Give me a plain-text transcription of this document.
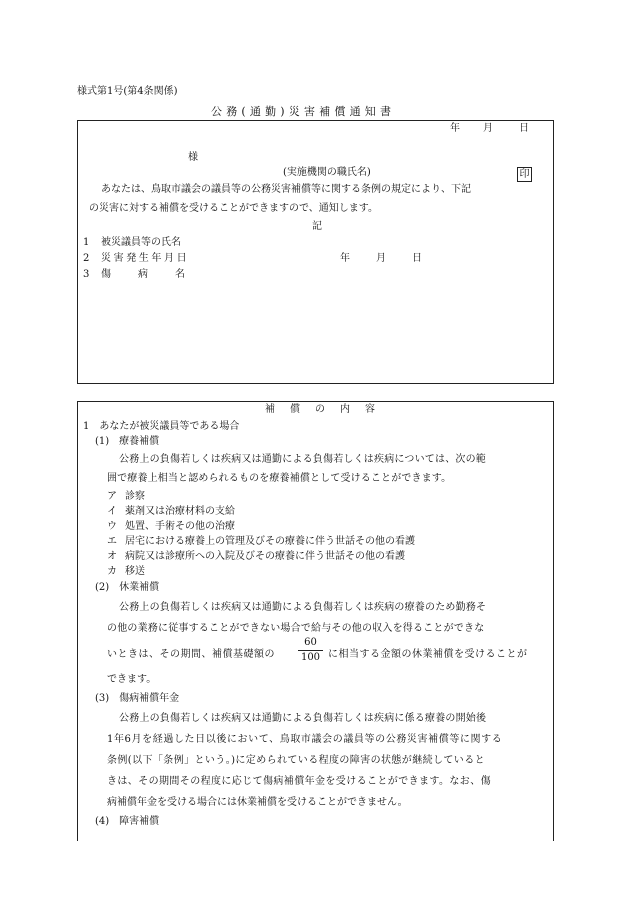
様式第1号(第4条関係)
公務(通勤)災害補償通知書
年 月	日
様
(実施機関の職氏名)	印
あなたは、鳥取市議会の議員等の公務災害補償等に関する条例の規定により、下記
の災害に対する補償を受けることができますので、通知します。
記
1 被災議員等の氏名
2 災害発生年月日	年	月	日
3 傷病名
補償の内容
1　あなたが被災議員等である場合
(1)　療養補償
公務上の負傷若しくは疾病又は通勤による負傷若しくは疾病については、次の範
囲で療養上相当と認められるものを療養補償として受けることができます。
ア 診察
イ 薬剤又は治療材料の支給
ウ 処置、手術その他の治療
エ 居宅における療養上の管理及びその療養に伴う世話その他の看護
オ 病院又は診療所への入院及びその療養に伴う世話その他の看護
カ 移送
(2)　休業補償
公務上の負傷若しくは疾病又は通勤による負傷若しくは疾病の療養のため勤務そ
の他の業務に従事することができない場合で給与その他の収入を得ることができな
いときは、その期間、補償基礎額の
60
100 に相当する金額の休業補償を受けることが
できます。
(3)　傷病補償年金
公務上の負傷若しくは疾病又は通勤による負傷若しくは疾病に係る療養の開始後
1年6月を経過した日以後において、鳥取市議会の議員等の公務災害補償等に関する
条例(以下「条例」という。)に定められている程度の障害の状態が継続していると
きは、その期間その程度に応じて傷病補償年金を受けることができます。なお、傷
病補償年金を受ける場合には休業補償を受けることができません。
(4)　障害補償
